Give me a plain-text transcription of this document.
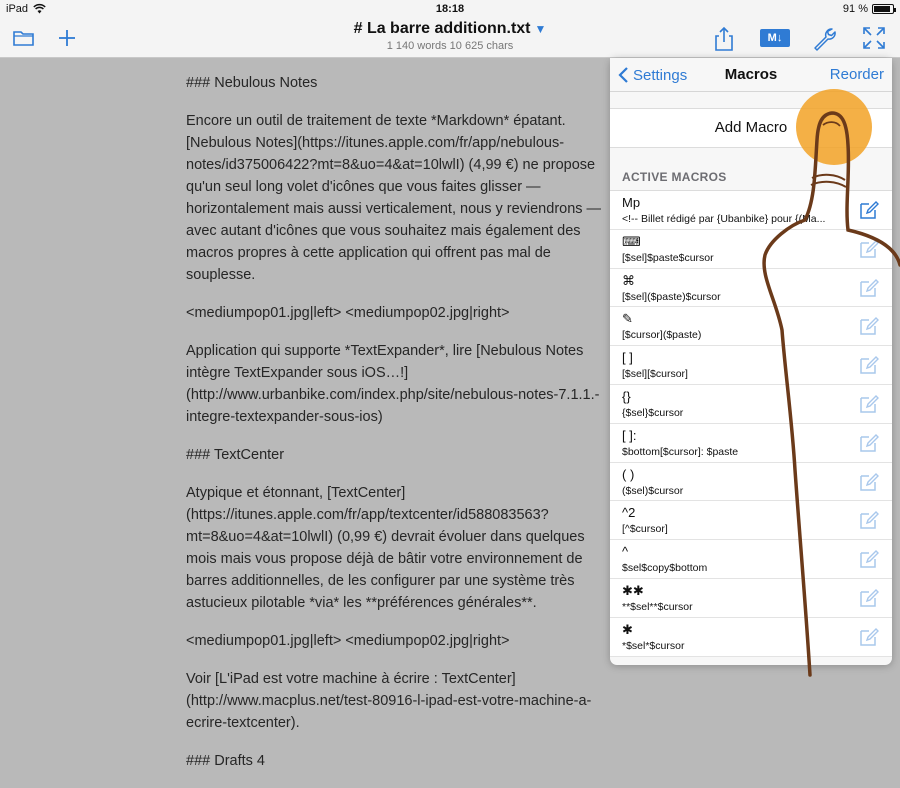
iPad	18:18	91 %
# La barre additionn.txt ▼
1 140 words 10 625 chars
M↓

### Nebulous Notes

Encore un outil de traitement de texte *Markdown* épatant. [Nebulous Notes](https://itunes.apple.com/fr/app/nebulous-notes/id375006422?mt=8&uo=4&at=10lwlI) (4,99 €) ne propose qu'un seul long volet d'icônes que vous faites glisser — horizontalement mais aussi verticalement, nous y reviendrons — avec autant d'icônes que vous souhaitez mais également des macros propres à cette application qui offrent pas mal de souplesse.

<mediumpop01.jpg|left> <mediumpop02.jpg|right>

Application qui supporte *TextExpander*, lire [Nebulous Notes intègre TextExpander sous iOS…!](http://www.urbanbike.com/index.php/site/nebulous-notes-7.1.1.-integre-textexpander-sous-ios)

### TextCenter

Atypique et étonnant, [TextCenter](https://itunes.apple.com/fr/app/textcenter/id588083563?mt=8&uo=4&at=10lwlI) (0,99 €) devrait évoluer dans quelques mois mais vous propose déjà de bâtir votre environnement de barres additionnelles, de les configurer par une système très astucieux pilotable *via* les **préférences générales**.

<mediumpop01.jpg|left> <mediumpop02.jpg|right>

Voir [L'iPad est votre machine à écrire : TextCenter](http://www.macplus.net/test-80916-l-ipad-est-votre-machine-a-ecrire-textcenter).

### Drafts 4

Settings	Macros	Reorder
Add Macro
ACTIVE MACROS
Mp
<!-- Billet rédigé par {Ubanbike} pour {(Ma...
⌨
[$sel]$paste$cursor
⌘
[$sel]($paste)$cursor
✎
[$cursor]($paste)
[ ]
[$sel][$cursor]
{}
{$sel}$cursor
[ ]:
$bottom[$cursor]: $paste
( )
($sel)$cursor
^2
[^$cursor]
^
$sel$copy$bottom
✱✱
**$sel**$cursor
✱
*$sel*$cursor
